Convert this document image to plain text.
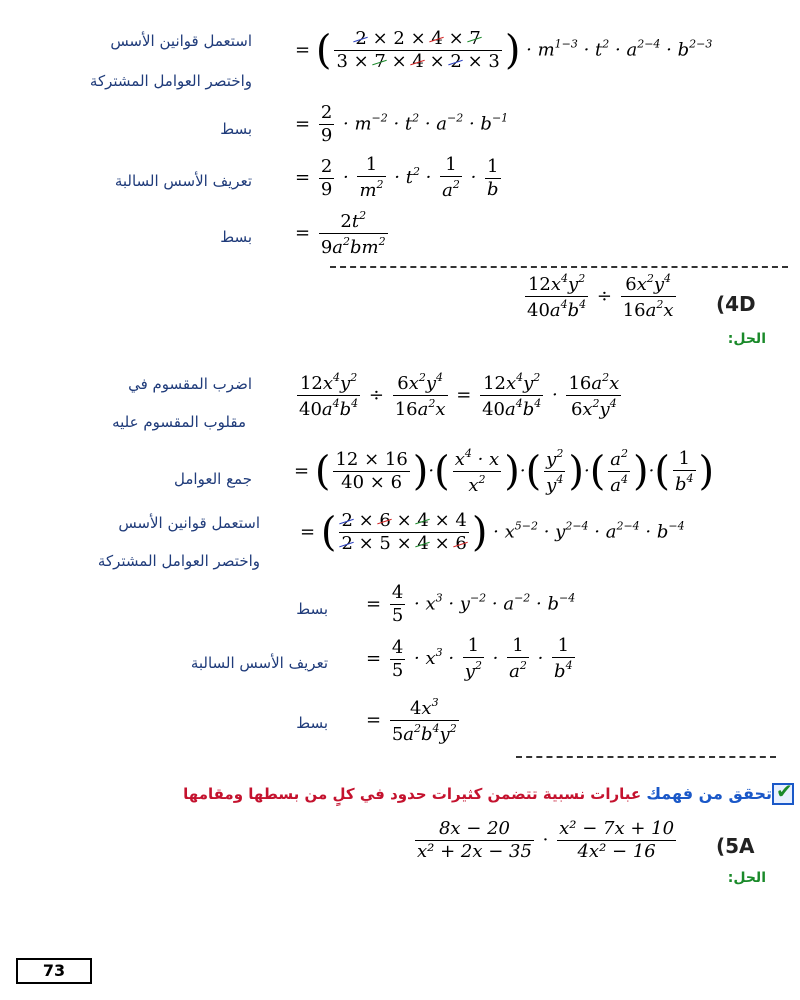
استعمل قوانين الأسس
واختصر العوامل المشتركة
= ( $\frac{2 \times 2 \times 4 \times 7}{3 \times 7 \times 4 \times 2 \times 3}$ ) · $m^{1-3} \cdot t^2 \cdot a^{2-4} \cdot b^{2-3}$
بسط = $\frac{2}{9} \cdot m^{-2} \cdot t^2 \cdot a^{-2} \cdot b^{-1}$
تعريف الأسس السالبة = $\frac{2}{9} \cdot \frac{1}{m^2} \cdot t^2 \cdot \frac{1}{a^2} \cdot \frac{1}{b}$
بسط = $\frac{2t^2}{9a^2bm^2}$
$\frac{12x^4y^2}{40a^4b^4} \div \frac{6x^2y^4}{16a^2x} (4D$
الحل:
اضرب المقسوم في
مقلوب المقسوم عليه
$\frac{12x^4y^2}{40a^4b^4} \div \frac{6x^2y^4}{16a^2x} = \frac{12x^4y^2}{40a^4b^4} \cdot \frac{16a^2x}{6x^2y^4}$
جمع العوامل = ( $\frac{12 \times 16}{40 \times 6}$ )·( $\frac{x^4 \cdot x}{x^2}$ )·( $\frac{y^2}{y^4}$ )·( $\frac{a^2}{a^4}$ )·( $\frac{1}{b^4}$ )
استعمل قوانين الأسس
واختصر العوامل المشتركة
= ( $\frac{2 \times 6 \times 4 \times 4}{2 \times 5 \times 4 \times 6}$ ) · $x^{5-2} \cdot y^{2-4} \cdot a^{2-4} \cdot b^{-4}$
بسط = $\frac{4}{5} \cdot x^3 \cdot y^{-2} \cdot a^{-2} \cdot b^{-4}$
تعريف الأسس السالبة = $\frac{4}{5} \cdot x^3 \cdot \frac{1}{y^2} \cdot \frac{1}{a^2} \cdot \frac{1}{b^4}$
بسط = $\frac{4x^3}{5a^2b^4y^2}$
✔
تحقق من فهمك عبارات نسبية تتضمن كثيرات حدود في كلٍ من بسطها ومقامها
$\frac{8x - 20}{\text{x² + 2x − 35}} \cdot \frac{\text{x² − 7x + 10}}{\text{4x² − 16}} (5A$
الحل:
73
